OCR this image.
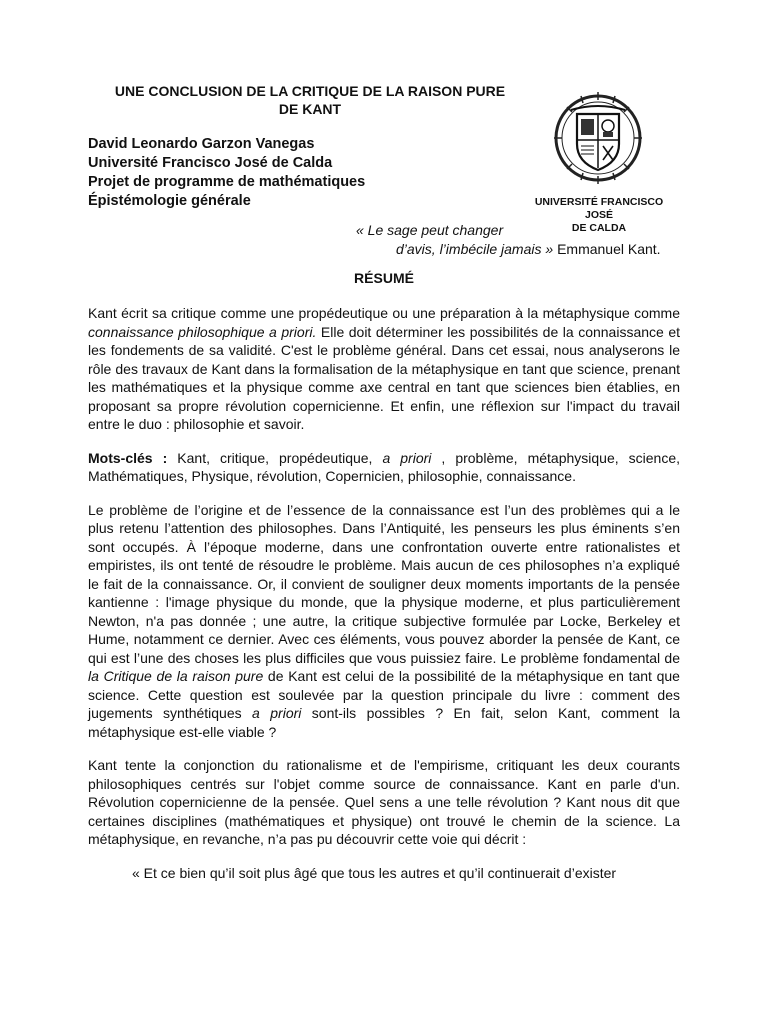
UNE CONCLUSION DE LA CRITIQUE DE LA RAISON PURE
DE KANT
David Leonardo Garzon Vanegas
Université Francisco José de Calda
Projet de programme de mathématiques
Épistémologie générale	UNIVERSITÉ FRANCISCO JOSÉ
DE CALDA
« Le sage peut changer
d’avis, l’imbécile jamais » Emmanuel Kant.
RÉSUMÉ

Kant écrit sa critique comme une propédeutique ou une préparation à la métaphysique comme connaissance philosophique a priori. Elle doit déterminer les possibilités de la connaissance et les fondements de sa validité. C'est le problème général. Dans cet essai, nous analyserons le rôle des travaux de Kant dans la formalisation de la métaphysique en tant que science, prenant les mathématiques et la physique comme axe central en tant que sciences bien établies, en proposant sa propre révolution copernicienne. Et enfin, une réflexion sur l'impact du travail entre le duo : philosophie et savoir.

Mots-clés : Kant, critique, propédeutique, a priori , problème, métaphysique, science, Mathématiques, Physique, révolution, Copernicien, philosophie, connaissance.

Le problème de l’origine et de l’essence de la connaissance est l’un des problèmes qui a le plus retenu l’attention des philosophes. Dans l’Antiquité, les penseurs les plus éminents s’en sont occupés. À l’époque moderne, dans une confrontation ouverte entre rationalistes et empiristes, ils ont tenté de résoudre le problème. Mais aucun de ces philosophes n’a expliqué le fait de la connaissance. Or, il convient de souligner deux moments importants de la pensée kantienne : l'image physique du monde, que la physique moderne, et plus particulièrement Newton, n'a pas donnée ; une autre, la critique subjective formulée par Locke, Berkeley et Hume, notamment ce dernier. Avec ces éléments, vous pouvez aborder la pensée de Kant, ce qui est l’une des choses les plus difficiles que vous puissiez faire. Le problème fondamental de la Critique de la raison pure de Kant est celui de la possibilité de la métaphysique en tant que science. Cette question est soulevée par la question principale du livre : comment des jugements synthétiques a priori sont-ils possibles ? En fait, selon Kant, comment la métaphysique est-elle viable ?

Kant tente la conjonction du rationalisme et de l'empirisme, critiquant les deux courants philosophiques centrés sur l'objet comme source de connaissance. Kant en parle d'un. Révolution copernicienne de la pensée. Quel sens a une telle révolution ? Kant nous dit que certaines disciplines (mathématiques et physique) ont trouvé le chemin de la science. La métaphysique, en revanche, n’a pas pu découvrir cette voie qui décrit :

« Et ce bien qu’il soit plus âgé que tous les autres et qu’il continuerait d’exister
